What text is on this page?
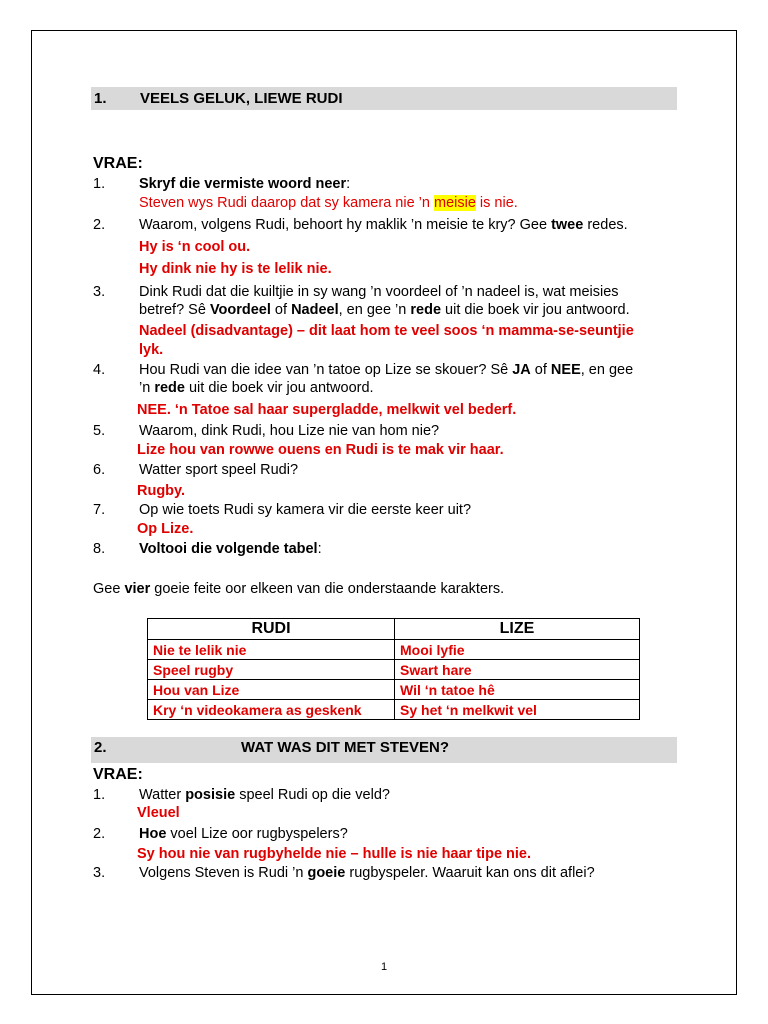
1. VEELS GELUK, LIEWE RUDI
VRAE:
1. Skryf die vermiste woord neer:
Steven wys Rudi daarop dat sy kamera nie ’n meisie is nie.
2. Waarom, volgens Rudi, behoort hy maklik ’n meisie te kry? Gee twee redes.
Hy is ‘n cool ou.
Hy dink nie hy is te lelik nie.
3. Dink Rudi dat die kuiltjie in sy wang ’n voordeel of ’n nadeel is, wat meisies
betref? Sê Voordeel of Nadeel, en gee ’n rede uit die boek vir jou antwoord.
Nadeel (disadvantage) – dit laat hom te veel soos ‘n mamma-se-seuntjie
lyk.
4. Hou Rudi van die idee van ’n tatoe op Lize se skouer? Sê JA of NEE, en gee
’n rede uit die boek vir jou antwoord.
NEE. ‘n Tatoe sal haar supergladde, melkwit vel bederf.
5. Waarom, dink Rudi, hou Lize nie van hom nie?
Lize hou van rowwe ouens en Rudi is te mak vir haar.
6. Watter sport speel Rudi?
Rugby.
7. Op wie toets Rudi sy kamera vir die eerste keer uit?
Op Lize.
8. Voltooi die volgende tabel:
Gee vier goeie feite oor elkeen van die onderstaande karakters.
RUDI	LIZE
Nie te lelik nie	Mooi lyfie
Speel rugby	Swart hare
Hou van Lize	Wil ‘n tatoe hê
Kry ‘n videokamera as geskenk	Sy het ‘n melkwit vel
2.	WAT WAS DIT MET STEVEN?
VRAE:
1. Watter posisie speel Rudi op die veld?
Vleuel
2. Hoe voel Lize oor rugbyspelers?
Sy hou nie van rugbyhelde nie – hulle is nie haar tipe nie.
3. Volgens Steven is Rudi ’n goeie rugbyspeler. Waaruit kan ons dit aflei?
1
